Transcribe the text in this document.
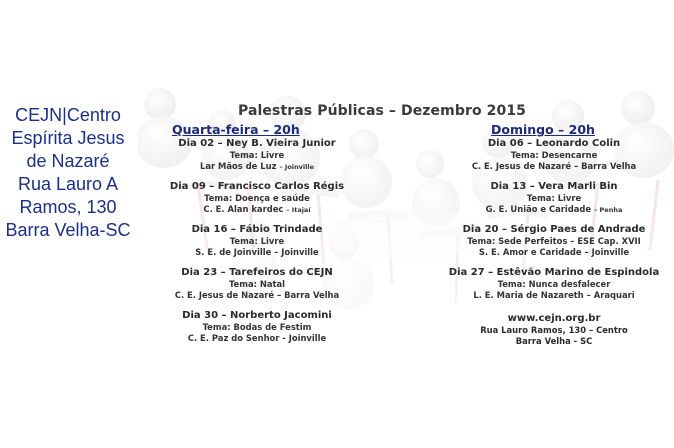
CEJN|Centro
Espírita Jesus
de Nazaré
Rua Lauro A
Ramos, 130
Barra Velha-SC
Palestras Públicas – Dezembro 2015
Quarta-feira – 20h	Domingo – 20h
Dia 02 – Ney B. Vieira Junior
Tema: Livre
Lar Mãos de Luz – Joinville
Dia 09 – Francisco Carlos Régis
Tema: Doença e saúde
C. E. Alan kardec – Itajaí
Dia 16 – Fábio Trindade
Tema: Livre
S. E. de Joinville – Joinville
Dia 23 – Tarefeiros do CEJN
Tema: Natal
C. E. Jesus de Nazaré – Barra Velha
Dia 30 – Norberto Jacomini
Tema: Bodas de Festim
C. E. Paz do Senhor - Joinville
Dia 06 – Leonardo Colin
Tema: Desencarne
C. E. Jesus de Nazaré – Barra Velha
Dia 13 – Vera Marli Bin
Tema: Livre
G. E. União e Caridade – Penha
Dia 20 – Sérgio Paes de Andrade
Tema: Sede Perfeitos – ESE Cap. XVII
S. E. Amor e Caridade – Joinville
Dia 27 – Estêvão Marino de Espindola
Tema: Nunca desfalecer
L. E. Maria de Nazareth – Araquari
www.cejn.org.br
Rua Lauro Ramos, 130 – Centro
Barra Velha - SC
